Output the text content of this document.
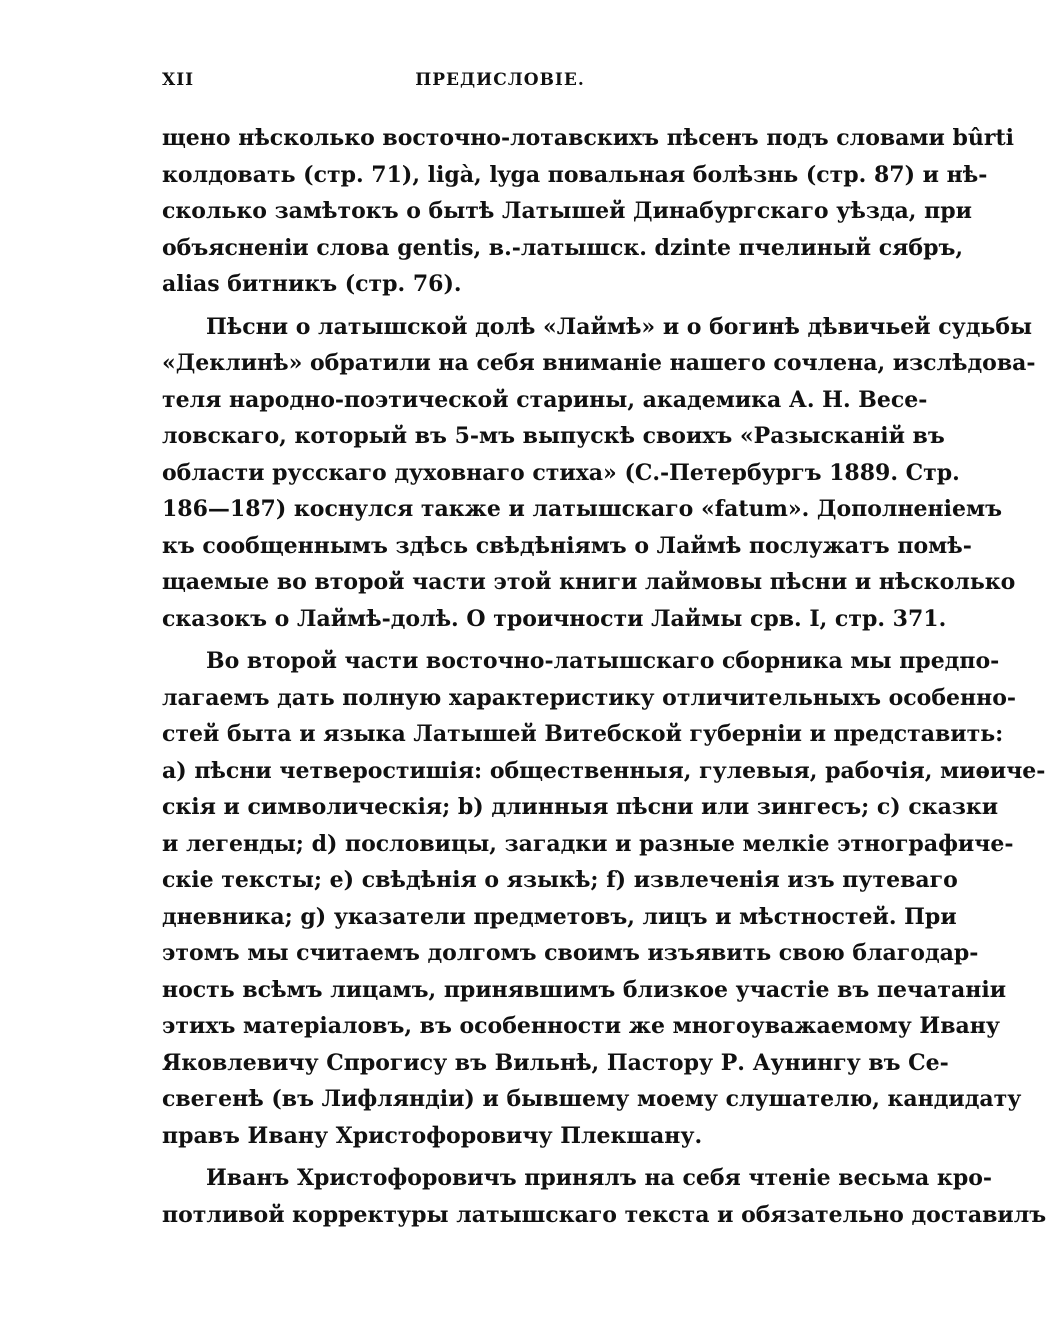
XII	ПРЕДИСЛОВІЕ.
щено нѣсколько восточно-лотавскихъ пѣсенъ подъ словами bûrti
колдовать (стр. 71), ligà, lyga повальная болѣзнь (стр. 87) и нѣ-
сколько замѣтокъ о бытѣ Латышей Динабургскаго уѣзда, при
объясненіи слова gentis, в.-латышск. dzinte пчелиный сябръ,
alias битникъ (стр. 76).
Пѣсни о латышской долѣ «Лаймѣ» и о богинѣ дѣвичьей судьбы
«Деклинѣ» обратили на себя вниманіе нашего сочлена, изслѣдова-
теля народно-поэтической старины, академика А. Н. Весе-
ловскаго, который въ 5-мъ выпускѣ своихъ «Разысканій въ
области русскаго духовнаго стиха» (С.-Петербургъ 1889. Стр.
186—187) коснулся также и латышскаго «fatum». Дополненіемъ
къ сообщеннымъ здѣсь свѣдѣніямъ о Лаймѣ послужатъ помѣ-
щаемые во второй части этой книги лаймовы пѣсни и нѣсколько
сказокъ о Лаймѣ-долѣ. О троичности Лаймы срв. I, стр. 371.
Во второй части восточно-латышскаго сборника мы предпо-
лагаемъ дать полную характеристику отличительныхъ особенно-
стей быта и языка Латышей Витебской губерніи и представить:
a) пѣсни четверостишія: общественныя, гулевыя, рабочія, миѳиче-
скія и символическія; b) длинныя пѣсни или зингесъ; c) сказки
и легенды; d) пословицы, загадки и разные мелкіе этнографиче-
скіе тексты; e) свѣдѣнія о языкѣ; f) извлеченія изъ путеваго
дневника; g) указатели предметовъ, лицъ и мѣстностей. При
этомъ мы считаемъ долгомъ своимъ изъявить свою благодар-
ность всѣмъ лицамъ, принявшимъ близкое участіе въ печатаніи
этихъ матеріаловъ, въ особенности же многоуважаемому Ивану
Яковлевичу Спрогису въ Вильнѣ, Пастору Р. Аунингу въ Се-
свегенѣ (въ Лифляндіи) и бывшему моему слушателю, кандидату
правъ Ивану Христофоровичу Плекшану.
Иванъ Христофоровичъ принялъ на себя чтеніе весьма кро-
потливой корректуры латышскаго текста и обязательно доставилъ
